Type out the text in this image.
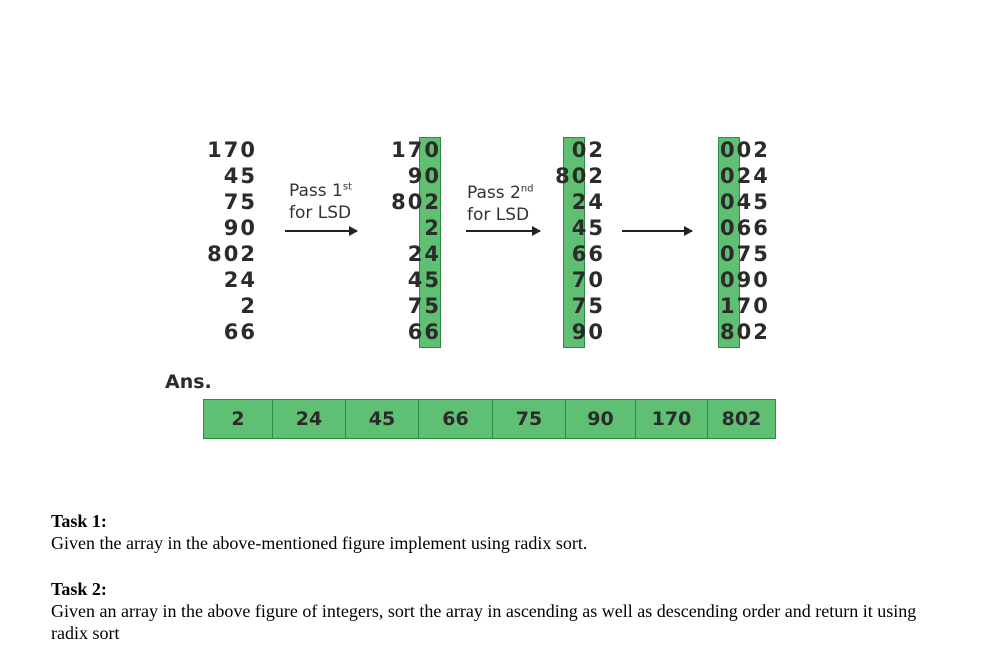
170
45
75
90
802
24
2
66
Pass 1st
for LSD
170
90
802
2
24
45
75
66
Pass 2nd
for LSD
02
802
24
45
66
70
75
90
002
024
045
066
075
090
170
802
Ans.
2	24	45	66	75	90	170	802
Task 1:
Given the array in the above-mentioned figure implement using radix sort.
Task 2:
Given an array in the above figure of integers, sort the array in ascending as well as descending order and return it using radix sort
